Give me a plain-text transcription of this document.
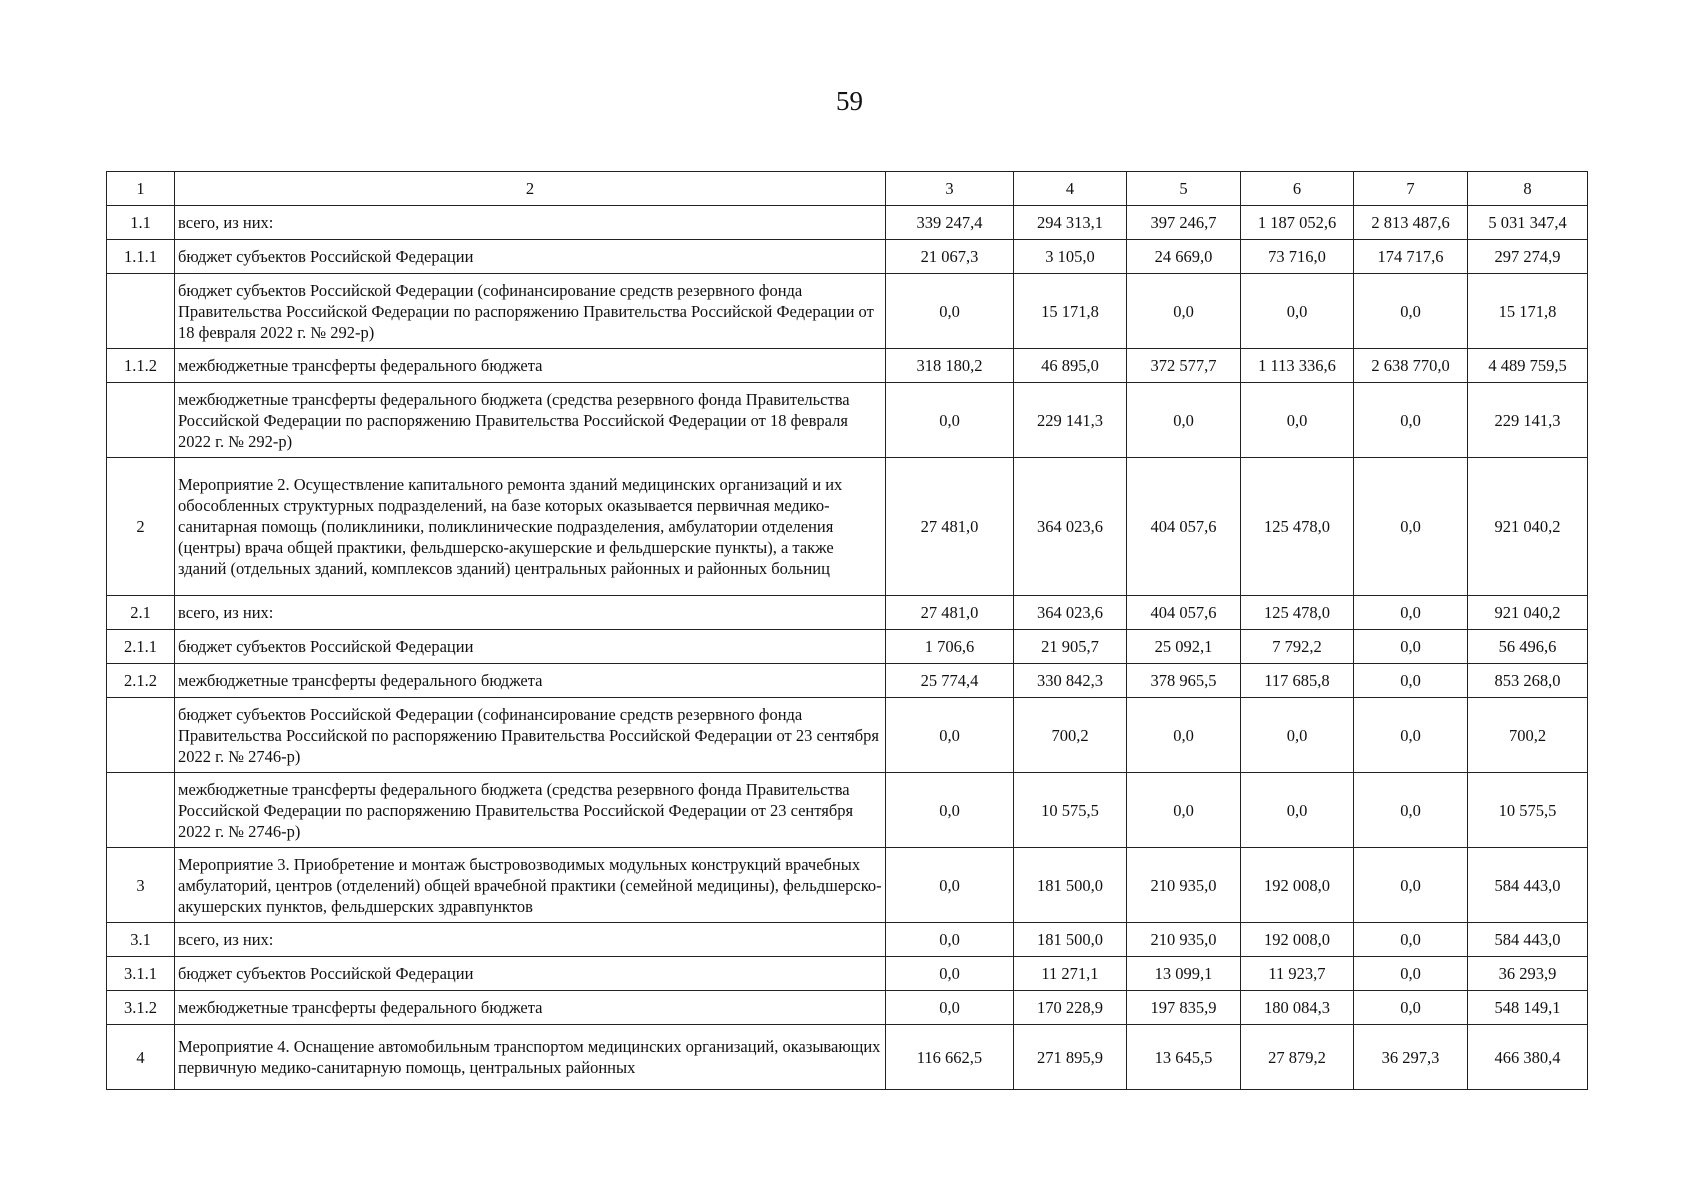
59
1	2	3	4	5	6	7	8
1.1	всего, из них:	339 247,4	294 313,1	397 246,7	1 187 052,6	2 813 487,6	5 031 347,4
1.1.1	бюджет субъектов Российской Федерации	21 067,3	3 105,0	24 669,0	73 716,0	174 717,6	297 274,9
	бюджет субъектов Российской Федерации (софинансирование средств резервного фонда Правительства Российской Федерации по распоряжению Правительства Российской Федерации от 18 февраля 2022 г. № 292-р)	0,0	15 171,8	0,0	0,0	0,0	15 171,8
1.1.2	межбюджетные трансферты федерального бюджета	318 180,2	46 895,0	372 577,7	1 113 336,6	2 638 770,0	4 489 759,5
	межбюджетные трансферты федерального бюджета (средства резервного фонда Правительства Российской Федерации по распоряжению Правительства Российской Федерации от 18 февраля 2022 г. № 292-р)	0,0	229 141,3	0,0	0,0	0,0	229 141,3
2	Мероприятие 2. Осуществление капитального ремонта зданий медицинских организаций и их обособленных структурных подразделений, на базе которых оказывается первичная медико-санитарная помощь (поликлиники, поликлинические подразделения, амбулатории отделения (центры) врача общей практики, фельдшерско-акушерские и фельдшерские пункты), а также зданий (отдельных зданий, комплексов зданий) центральных районных и районных больниц	27 481,0	364 023,6	404 057,6	125 478,0	0,0	921 040,2
2.1	всего, из них:	27 481,0	364 023,6	404 057,6	125 478,0	0,0	921 040,2
2.1.1	бюджет субъектов Российской Федерации	1 706,6	21 905,7	25 092,1	7 792,2	0,0	56 496,6
2.1.2	межбюджетные трансферты федерального бюджета	25 774,4	330 842,3	378 965,5	117 685,8	0,0	853 268,0
	бюджет субъектов Российской Федерации (софинансирование средств резервного фонда Правительства Российской по распоряжению Правительства Российской Федерации от 23 сентября 2022 г. № 2746-р)	0,0	700,2	0,0	0,0	0,0	700,2
	межбюджетные трансферты федерального бюджета (средства резервного фонда Правительства Российской Федерации по распоряжению Правительства Российской Федерации от 23 сентября 2022 г. № 2746-р)	0,0	10 575,5	0,0	0,0	0,0	10 575,5
3	Мероприятие 3. Приобретение и монтаж быстровозводимых модульных конструкций врачебных амбулаторий, центров (отделений) общей врачебной практики (семейной медицины), фельдшерско-акушерских пунктов, фельдшерских здравпунктов	0,0	181 500,0	210 935,0	192 008,0	0,0	584 443,0
3.1	всего, из них:	0,0	181 500,0	210 935,0	192 008,0	0,0	584 443,0
3.1.1	бюджет субъектов Российской Федерации	0,0	11 271,1	13 099,1	11 923,7	0,0	36 293,9
3.1.2	межбюджетные трансферты федерального бюджета	0,0	170 228,9	197 835,9	180 084,3	0,0	548 149,1
4	Мероприятие 4. Оснащение автомобильным транспортом медицинских организаций, оказывающих первичную медико-санитарную помощь, центральных районных	116 662,5	271 895,9	13 645,5	27 879,2	36 297,3	466 380,4
